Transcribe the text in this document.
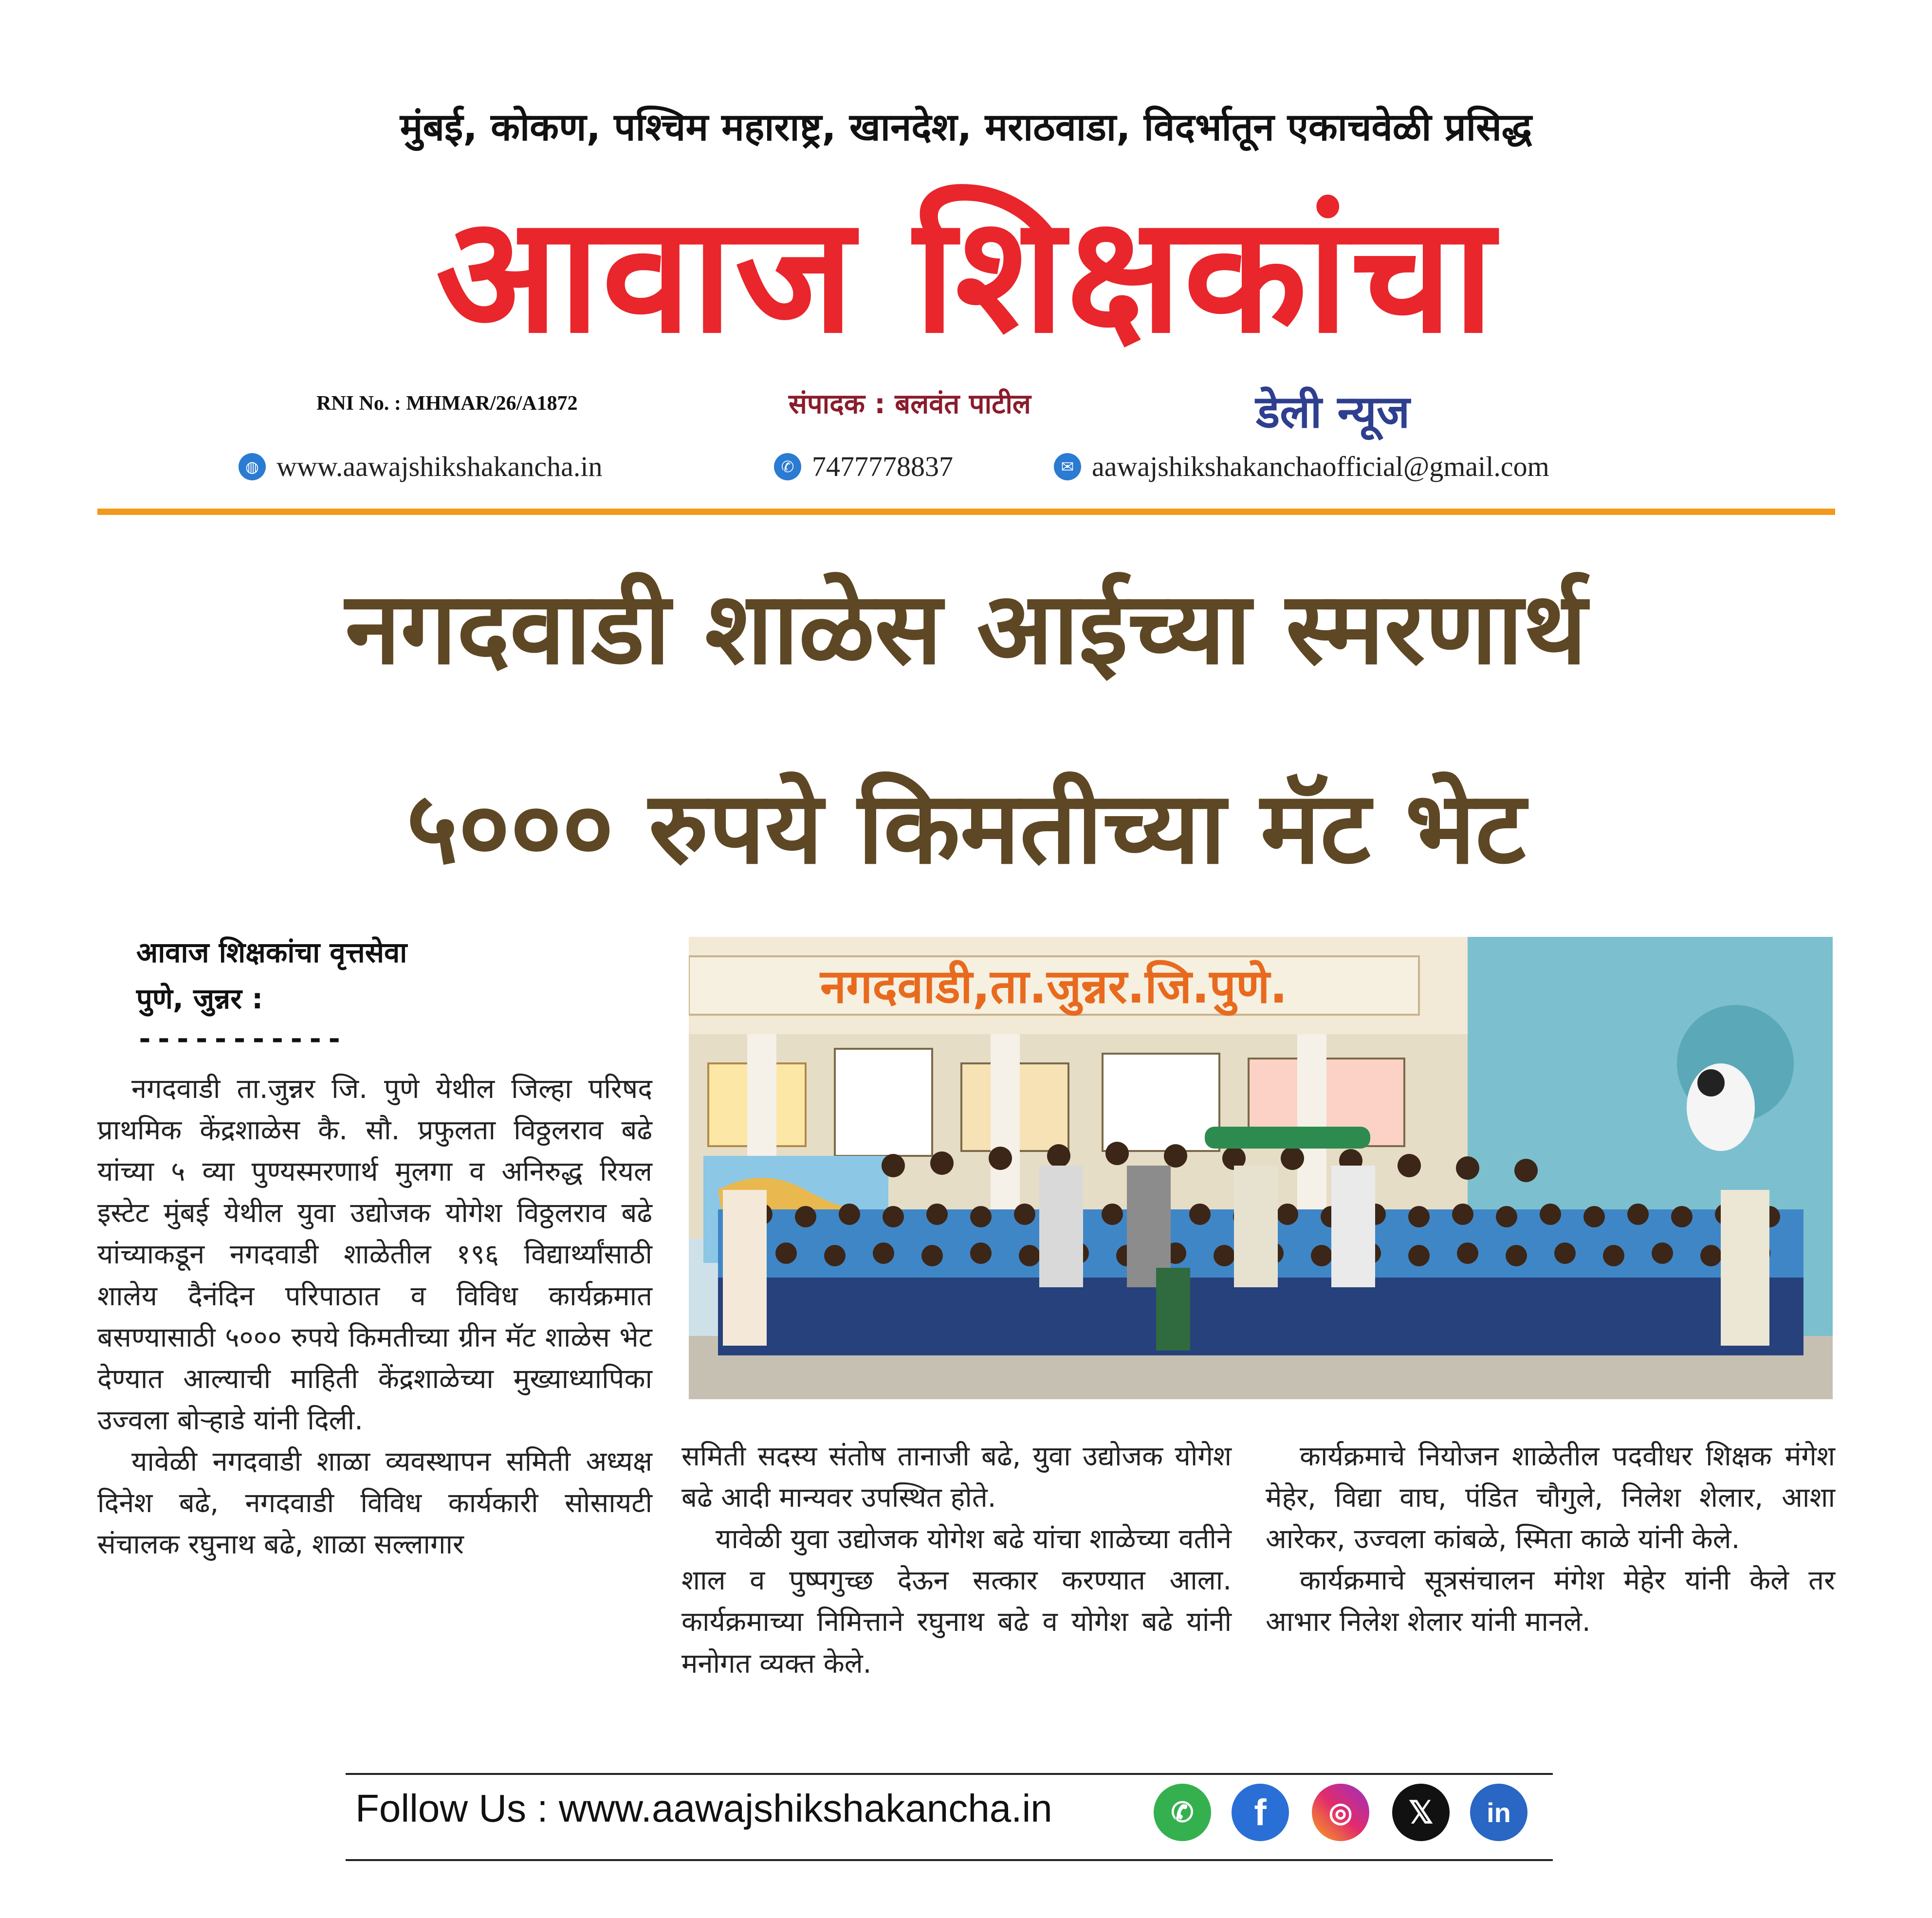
मुंबई, कोकण, पश्चिम महाराष्ट्र, खानदेश, मराठवाडा, विदर्भातून एकाचवेळी प्रसिद्ध
आवाज शिक्षकांचा
RNI No. : MHMAR/26/A1872	संपादक : बलवंत पाटील	डेली न्यूज
◍ www.aawajshikshakancha.in	✆ 7477778837	✉ aawajshikshakanchaofficial@gmail.com
नगदवाडी शाळेस आईच्या स्मरणार्थ
५००० रुपये किमतीच्या मॅट भेट
आवाज शिक्षकांचा वृत्तसेवा
पुणे, जुन्नर :
-----------

नगदवाडी ता.जुन्नर जि. पुणे येथील जिल्हा परिषद प्राथमिक केंद्रशाळेस कै. सौ. प्रफुलता विठ्ठलराव बढे यांच्या ५ व्या पुण्यस्मरणार्थ मुलगा व अनिरुद्ध रियल इस्टेट मुंबई येथील युवा उद्योजक योगेश विठ्ठलराव बढे यांच्याकडून नगदवाडी शाळेतील १९६ विद्यार्थ्यांसाठी शालेय दैनंदिन परिपाठात व विविध कार्यक्रमात बसण्यासाठी ५००० रुपये किमतीच्या ग्रीन मॅट शाळेस भेट देण्यात आल्याची माहिती केंद्रशाळेच्या मुख्याध्यापिका उज्वला बोऱ्हाडे यांनी दिली.

यावेळी नगदवाडी शाळा व्यवस्थापन समिती अध्यक्ष दिनेश बढे, नगदवाडी विविध कार्यकारी सोसायटी संचालक रघुनाथ बढे, शाळा सल्लागार

समिती सदस्य संतोष तानाजी बढे, युवा उद्योजक योगेश बढे आदी मान्यवर उपस्थित होते.

यावेळी युवा उद्योजक योगेश बढे यांचा शाळेच्या वतीने शाल व पुष्पगुच्छ देऊन सत्कार करण्यात आला. कार्यक्रमाच्या निमित्ताने रघुनाथ बढे व योगेश बढे यांनी मनोगत व्यक्त केले.

कार्यक्रमाचे नियोजन शाळेतील पदवीधर शिक्षक मंगेश मेहेर, विद्या वाघ, पंडित चौगुले, निलेश शेलार, आशा आरेकर, उज्वला कांबळे, स्मिता काळे यांनी केले.

कार्यक्रमाचे सूत्रसंचालन मंगेश मेहेर यांनी केले तर आभार निलेश शेलार यांनी मानले.

नगदवाडी,ता.जुन्नर.जि.पुणे.
Follow Us : www.aawajshikshakancha.in	✆	f	◎	𝕏	in
